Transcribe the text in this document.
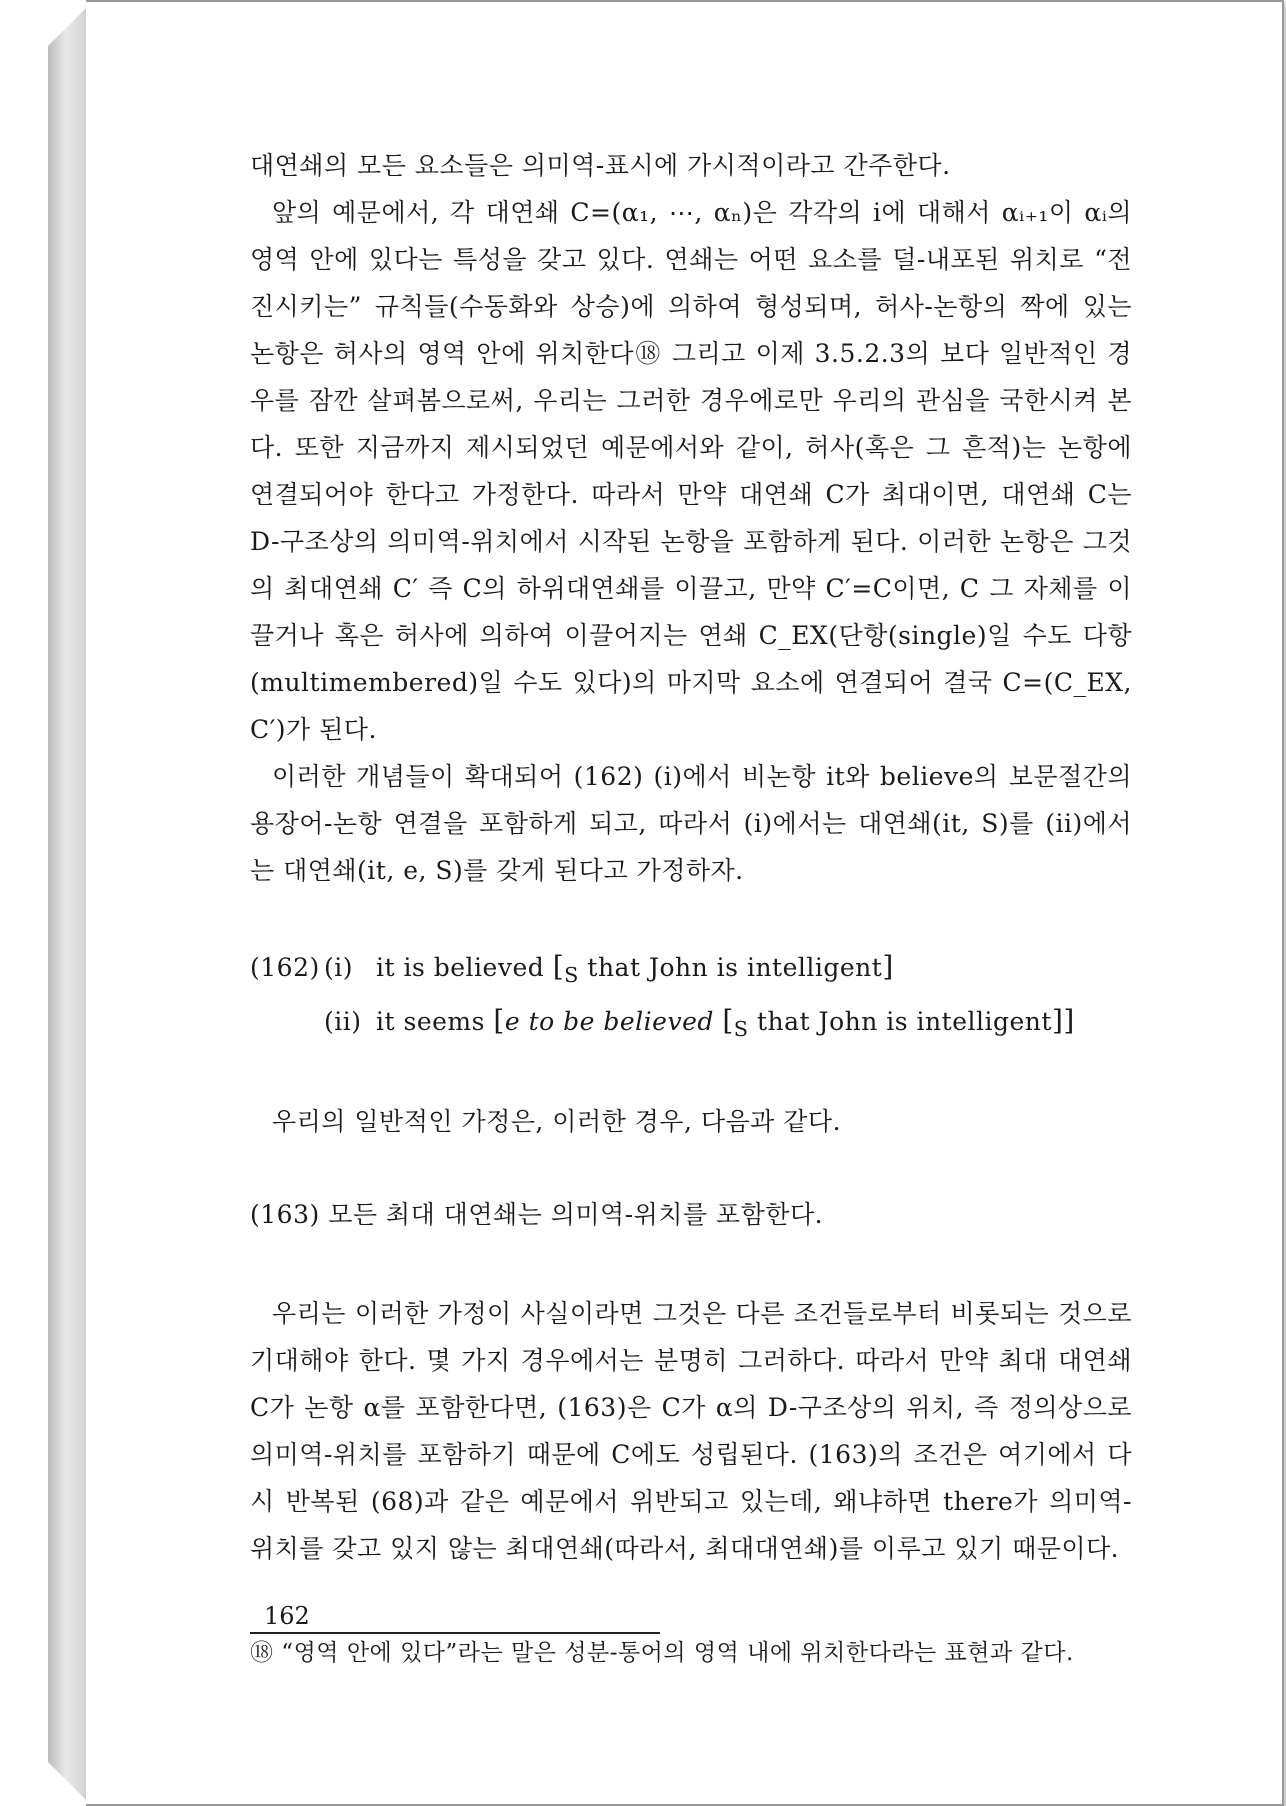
대연쇄의 모든 요소들은 의미역-표시에 가시적이라고 간주한다.

앞의 예문에서, 각 대연쇄 C=(α₁, ⋯, αₙ)은 각각의 i에 대해서 αᵢ₊₁이 αᵢ의 영역 안에 있다는 특성을 갖고 있다. 연쇄는 어떤 요소를 덜-내포된 위치로 “전진시키는” 규칙들(수동화와 상승)에 의하여 형성되며, 허사-논항의 짝에 있는 논항은 허사의 영역 안에 위치한다⑱ 그리고 이제 3.5.2.3의 보다 일반적인 경우를 잠깐 살펴봄으로써, 우리는 그러한 경우에로만 우리의 관심을 국한시켜 본다. 또한 지금까지 제시되었던 예문에서와 같이, 허사(혹은 그 흔적)는 논항에 연결되어야 한다고 가정한다. 따라서 만약 대연쇄 C가 최대이면, 대연쇄 C는 D-구조상의 의미역-위치에서 시작된 논항을 포함하게 된다. 이러한 논항은 그것의 최대연쇄 C′ 즉 C의 하위대연쇄를 이끌고, 만약 C′=C이면, C 그 자체를 이끌거나 혹은 허사에 의하여 이끌어지는 연쇄 C_EX(단항(single)일 수도 다항(multimembered)일 수도 있다)의 마지막 요소에 연결되어 결국 C=(C_EX, C′)가 된다.

이러한 개념들이 확대되어 (162) (i)에서 비논항 it와 believe의 보문절간의 용장어-논항 연결을 포함하게 되고, 따라서 (i)에서는 대연쇄(it, S)를 (ii)에서는 대연쇄(it, e, S)를 갖게 된다고 가정하자.

(162) (i) it is believed [$_S$ that John is intelligent]
(ii) it seems [e to be believed [$_S$ that John is intelligent]]

우리의 일반적인 가정은, 이러한 경우, 다음과 같다.

(163) 모든 최대 대연쇄는 의미역-위치를 포함한다.

우리는 이러한 가정이 사실이라면 그것은 다른 조건들로부터 비롯되는 것으로 기대해야 한다. 몇 가지 경우에서는 분명히 그러하다. 따라서 만약 최대 대연쇄 C가 논항 α를 포함한다면, (163)은 C가 α의 D-구조상의 위치, 즉 정의상으로 의미역-위치를 포함하기 때문에 C에도 성립된다. (163)의 조건은 여기에서 다시 반복된 (68)과 같은 예문에서 위반되고 있는데, 왜냐하면 there가 의미역-위치를 갖고 있지 않는 최대연쇄(따라서, 최대대연쇄)를 이루고 있기 때문이다.

⑱ “영역 안에 있다”라는 말은 성분-통어의 영역 내에 위치한다라는 표현과 같다.

162
